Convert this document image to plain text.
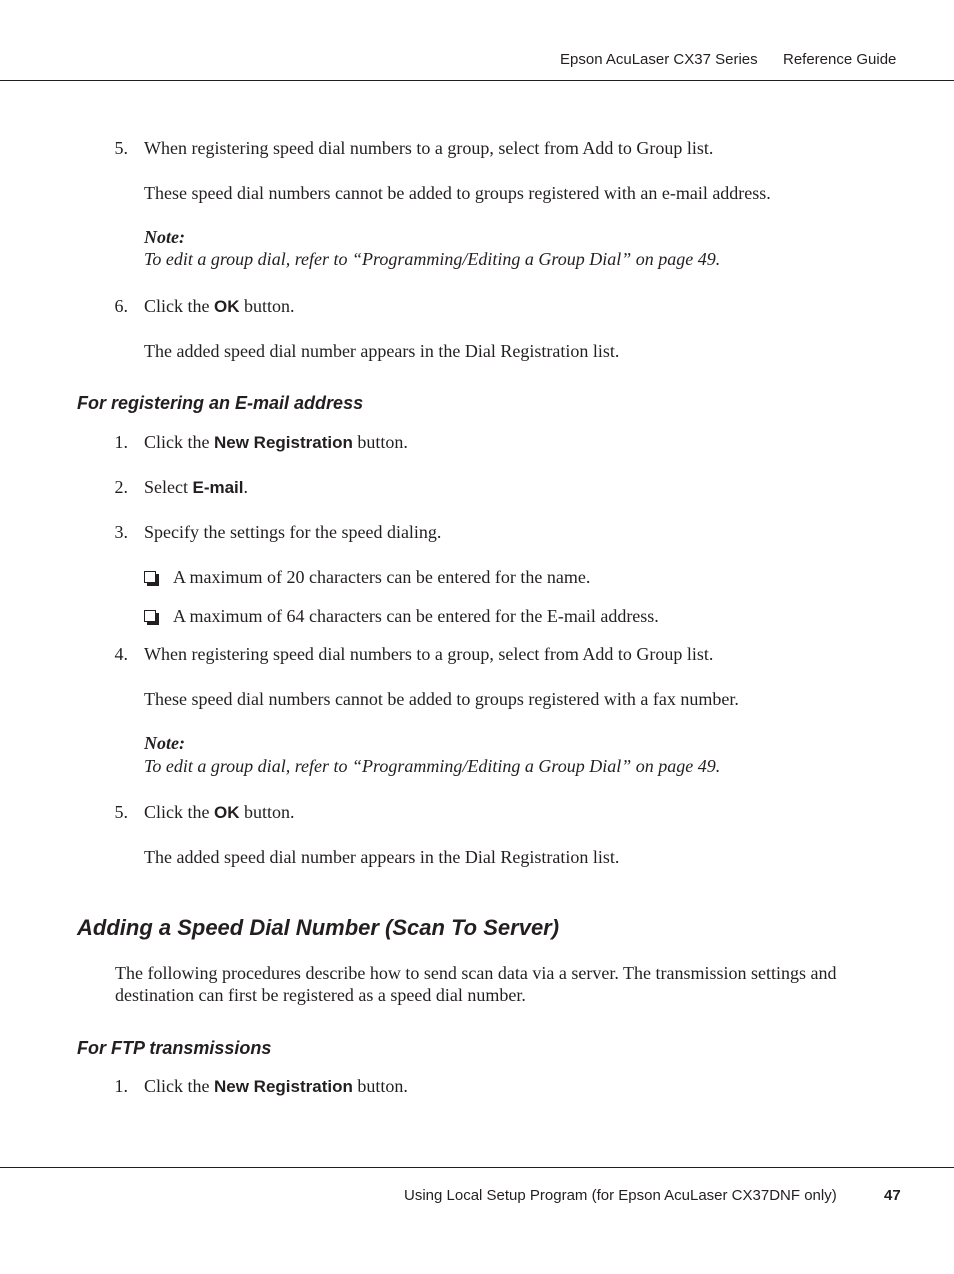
Epson AcuLaser CX37 Series Reference Guide
5. When registering speed dial numbers to a group, select from Add to Group list.
These speed dial numbers cannot be added to groups registered with an e-mail address.
Note:
To edit a group dial, refer to “Programming/Editing a Group Dial” on page 49.
6. Click the OK button.
The added speed dial number appears in the Dial Registration list.
For registering an E-mail address
1. Click the New Registration button.
2. Select E-mail.
3. Specify the settings for the speed dialing.
A maximum of 20 characters can be entered for the name.
A maximum of 64 characters can be entered for the E-mail address.
4. When registering speed dial numbers to a group, select from Add to Group list.
These speed dial numbers cannot be added to groups registered with a fax number.
Note:
To edit a group dial, refer to “Programming/Editing a Group Dial” on page 49.
5. Click the OK button.
The added speed dial number appears in the Dial Registration list.
Adding a Speed Dial Number (Scan To Server)
The following procedures describe how to send scan data via a server. The transmission settings and
destination can first be registered as a speed dial number.
For FTP transmissions
1. Click the New Registration button.
Using Local Setup Program (for Epson AcuLaser CX37DNF only)	47
